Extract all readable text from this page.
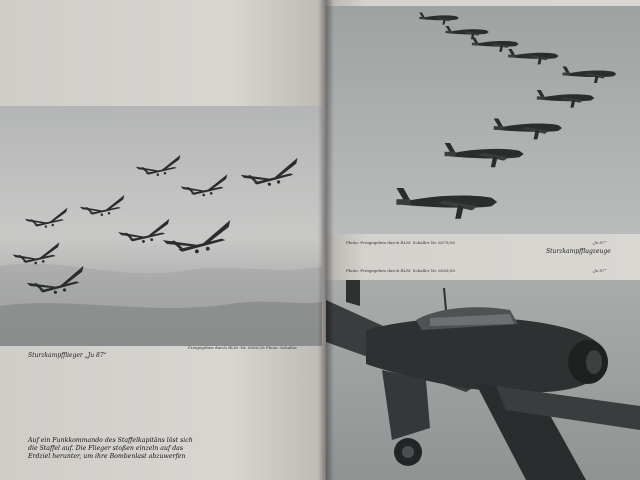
Sturzkampfflieger „Ju 87“
Freigegeben durch RLM.-Nr. 6580/38 Photo: Schaller
Auf ein Funkkommando des Staffelkapitäns löst sich
die Staffel auf. Die Flieger stoßen einzeln auf das
Erdziel herunter, um ihre Bombenlast abzuwerfen
Photo: Freigegeben durch RLM. Schaller Nr. 6579/38	„Ju 87“
Sturzkampfflugzeuge
Photo: Freigegeben durch RLM. Schaller Nr. 6583/38	„Ju 87“
